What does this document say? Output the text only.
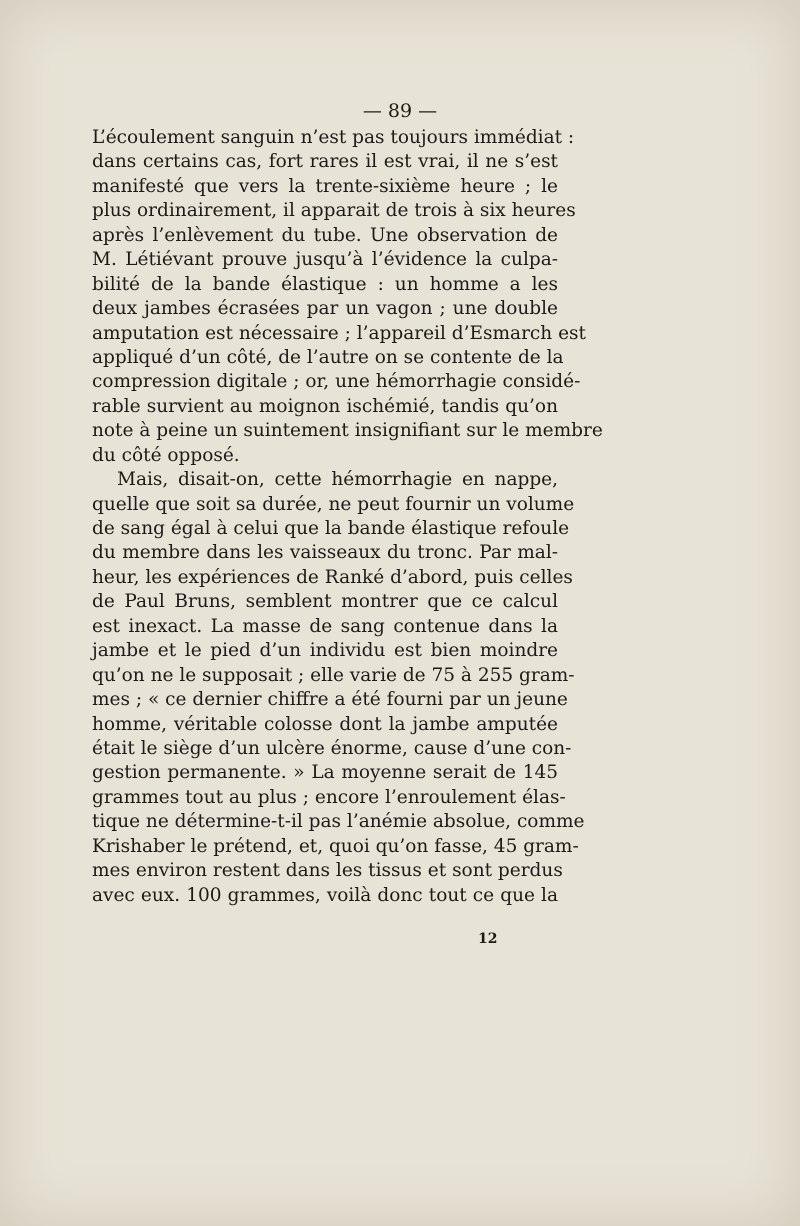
— 89 —
L’écoulement sanguin n’est pas toujours immédiat :
dans certains cas, fort rares il est vrai, il ne s’est
manifesté que vers la trente-sixième heure ; le
plus ordinairement, il apparait de trois à six heures
après l’enlèvement du tube. Une observation de
M. Létiévant prouve jusqu’à l’évidence la culpa-
bilité de la bande élastique : un homme a les
deux jambes écrasées par un vagon ; une double
amputation est nécessaire ; l’appareil d’Esmarch est
appliqué d’un côté, de l’autre on se contente de la
compression digitale ; or, une hémorrhagie considé-
rable survient au moignon ischémié, tandis qu’on
note à peine un suintement insignifiant sur le membre
du côté opposé.
Mais, disait-on, cette hémorrhagie en nappe,
quelle que soit sa durée, ne peut fournir un volume
de sang égal à celui que la bande élastique refoule
du membre dans les vaisseaux du tronc. Par mal-
heur, les expériences de Ranké d’abord, puis celles
de Paul Bruns, semblent montrer que ce calcul
est inexact. La masse de sang contenue dans la
jambe et le pied d’un individu est bien moindre
qu’on ne le supposait ; elle varie de 75 à 255 gram-
mes ; « ce dernier chiffre a été fourni par un jeune
homme, véritable colosse dont la jambe amputée
était le siège d’un ulcère énorme, cause d’une con-
gestion permanente. » La moyenne serait de 145
grammes tout au plus ; encore l’enroulement élas-
tique ne détermine-t-il pas l’anémie absolue, comme
Krishaber le prétend, et, quoi qu’on fasse, 45 gram-
mes environ restent dans les tissus et sont perdus
avec eux. 100 grammes, voilà donc tout ce que la
12
